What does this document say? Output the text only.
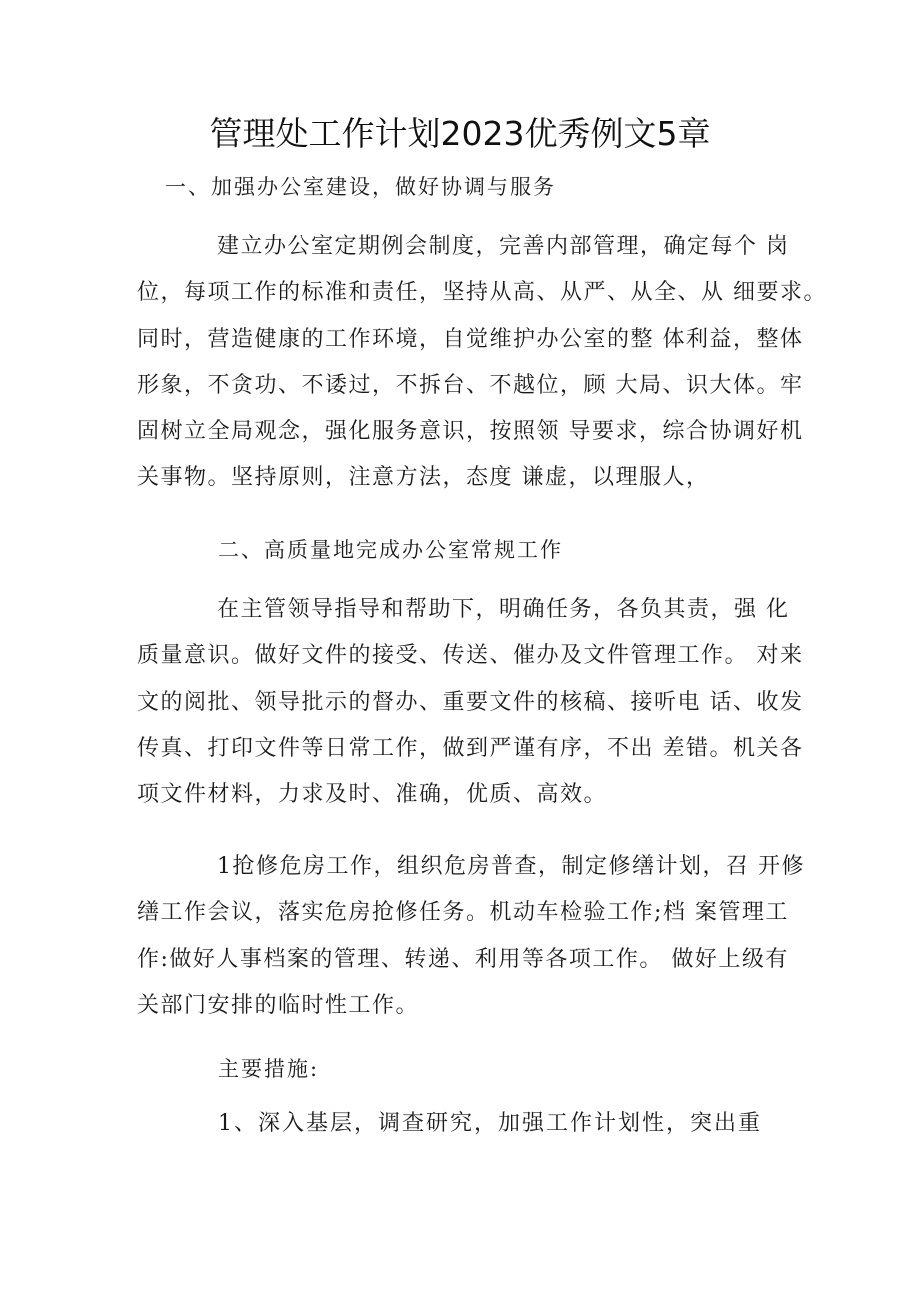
管理处工作计划2023优秀例文5章
一、加强办公室建设，做好协调与服务
建立办公室定期例会制度，完善内部管理，确定每个 岗
位，每项工作的标准和责任，坚持从高、从严、从全、从 细要求。
同时，营造健康的工作环境，自觉维护办公室的整 体利益，整体
形象，不贪功、不诿过，不拆台、不越位，顾 大局、识大体。牢
固树立全局观念，强化服务意识，按照领 导要求，综合协调好机
关事物。坚持原则，注意方法，态度 谦虚，以理服人，
二、高质量地完成办公室常规工作
在主管领导指导和帮助下，明确任务，各负其责，强 化
质量意识。做好文件的接受、传送、催办及文件管理工作。 对来
文的阅批、领导批示的督办、重要文件的核稿、接听电 话、收发
传真、打印文件等日常工作，做到严谨有序，不出 差错。机关各
项文件材料，力求及时、准确，优质、高效。
1抢修危房工作，组织危房普查，制定修缮计划，召 开修
缮工作会议，落实危房抢修任务。机动车检验工作;档 案管理工
作:做好人事档案的管理、转递、利用等各项工作。 做好上级有
关部门安排的临时性工作。
主要措施:
1、深入基层，调查研究，加强工作计划性，突出重
